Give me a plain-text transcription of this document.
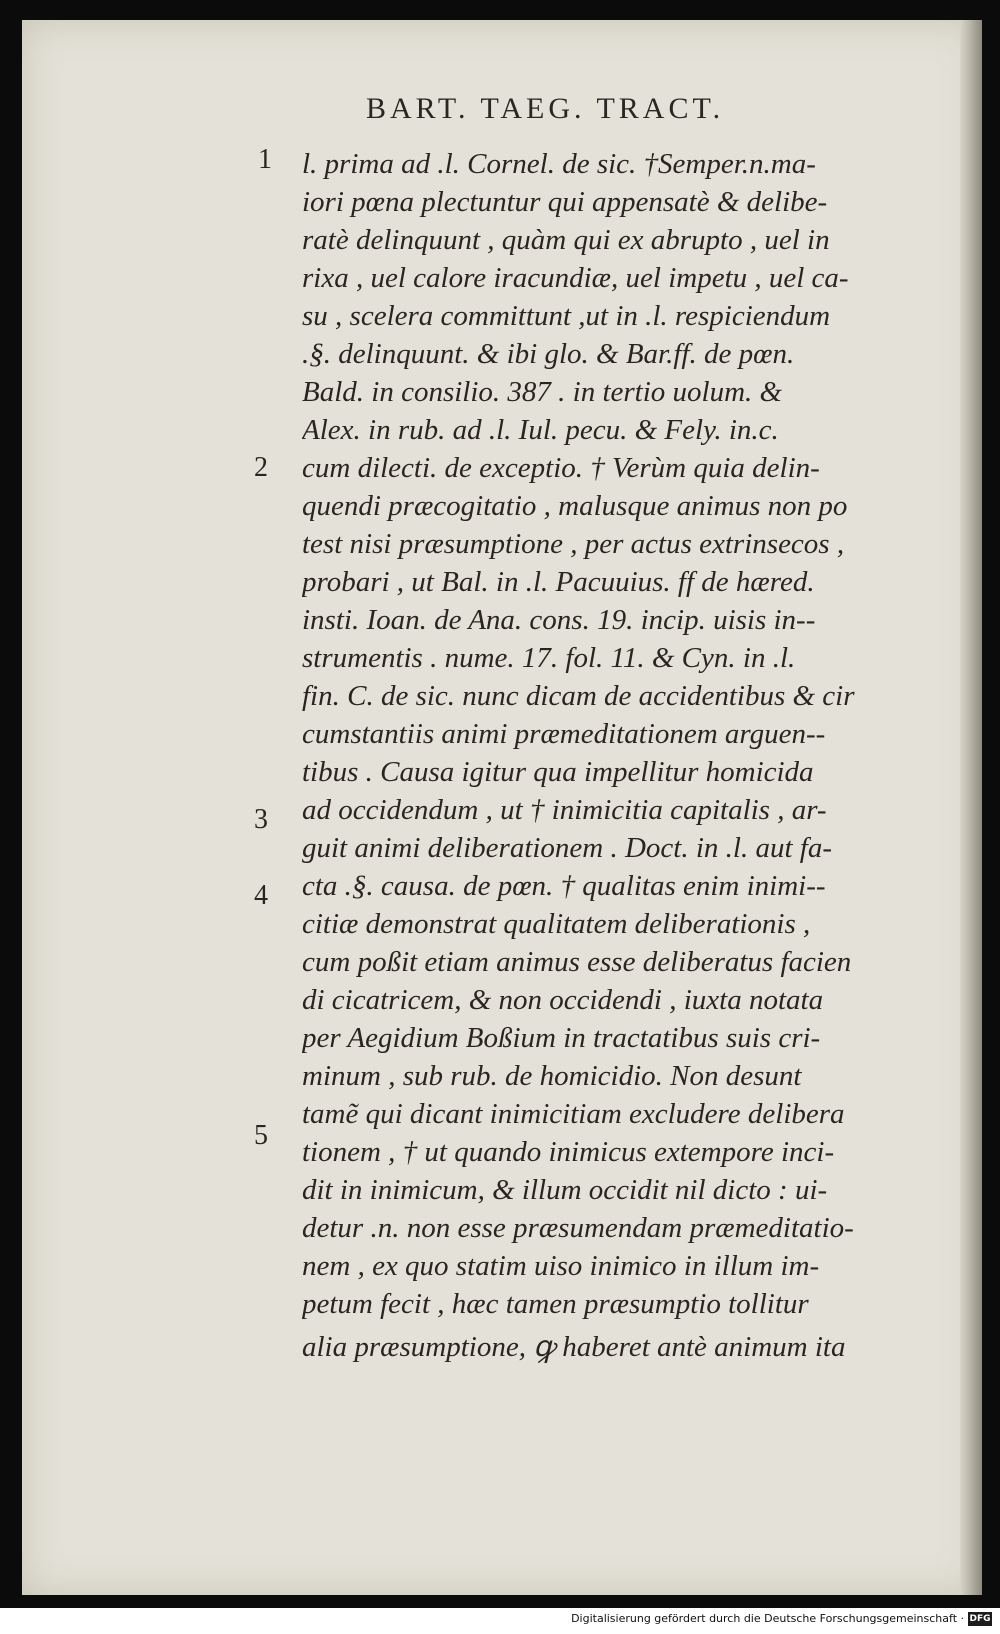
BART. TAEG. TRACT.
1
2
3
4
5
l. prima ad .l. Cornel. de sic. †Semper.n.ma-
iori pœna plectuntur qui appensatè & delibe-
ratè delinquunt , quàm qui ex abrupto , uel in
rixa , uel calore iracundiæ, uel impetu , uel ca-
su , scelera committunt ,ut in .l. respiciendum
.§. delinquunt. & ibi glo. & Bar.ff. de pœn.
Bald. in consilio. 387 . in tertio uolum. &
Alex. in rub. ad .l. Iul. pecu. & Fely. in.c.
cum dilecti. de exceptio. † Verùm quia delin-
quendi præcogitatio , malusque animus non po
test nisi præsumptione , per actus extrinsecos ,
probari , ut Bal. in .l. Pacuuius. ff de hæred.
insti. Ioan. de Ana. cons. 19. incip. uisis in--
strumentis . nume. 17. fol. 11. & Cyn. in .l.
fin. C. de sic. nunc dicam de accidentibus & cir
cumstantiis animi præmeditationem arguen--
tibus . Causa igitur qua impellitur homicida
ad occidendum , ut † inimicitia capitalis , ar-
guit animi deliberationem . Doct. in .l. aut fa-
cta .§. causa. de pœn. † qualitas enim inimi--
citiæ demonstrat qualitatem deliberationis ,
cum poßit etiam animus esse deliberatus facien
di cicatricem, & non occidendi , iuxta notata
per Aegidium Boßium in tractatibus suis cri-
minum , sub rub. de homicidio. Non desunt
tamẽ qui dicant inimicitiam excludere delibera
tionem , † ut quando inimicus extempore inci-
dit in inimicum, & illum occidit nil dicto : ui-
detur .n. non esse præsumendam præmeditatio-
nem , ex quo statim uiso inimico in illum im-
petum fecit , hæc tamen præsumptio tollitur
alia præsumptione, ꝙ haberet antè animum ita
Digitalisierung gefördert durch die Deutsche Forschungsgemeinschaft · DFG
